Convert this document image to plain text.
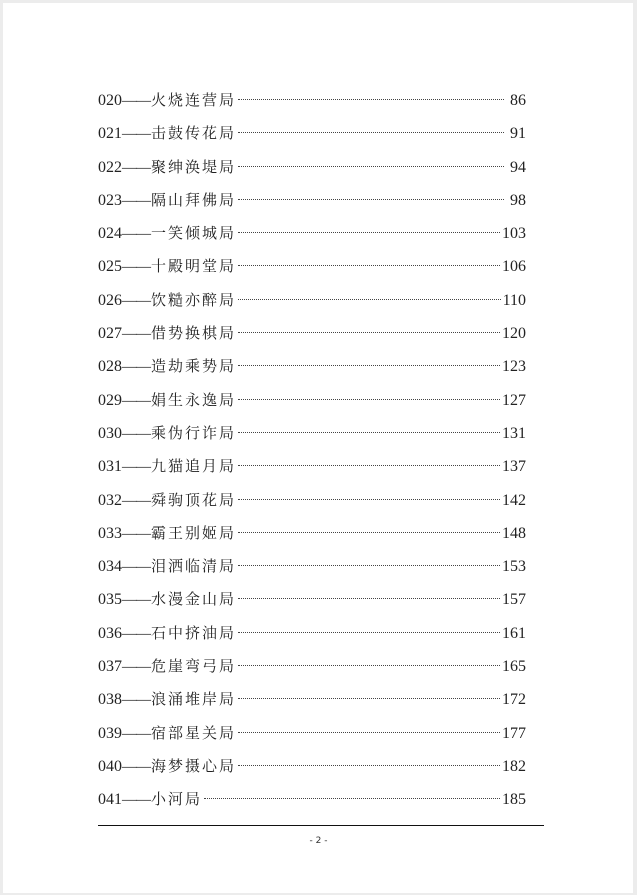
020 —— 火烧连营局	86
021 —— 击鼓传花局	91
022 —— 聚绅涣堤局	94
023 —— 隔山拜佛局	98
024 —— 一笑倾城局	103
025 —— 十殿明堂局	106
026 —— 饮糙亦醉局	110
027 —— 借势换棋局	120
028 —— 造劫乘势局	123
029 —— 娟生永逸局	127
030 —— 乘伪行诈局	131
031 —— 九猫追月局	137
032 —— 舜驹顶花局	142
033 —— 霸王别姬局	148
034 —— 泪洒临清局	153
035 —— 水漫金山局	157
036 —— 石中挤油局	161
037 —— 危崖弯弓局	165
038 —— 浪涌堆岸局	172
039 —— 宿部星关局	177
040 —— 海梦摄心局	182
041 —— 小河局	185
- 2 -
